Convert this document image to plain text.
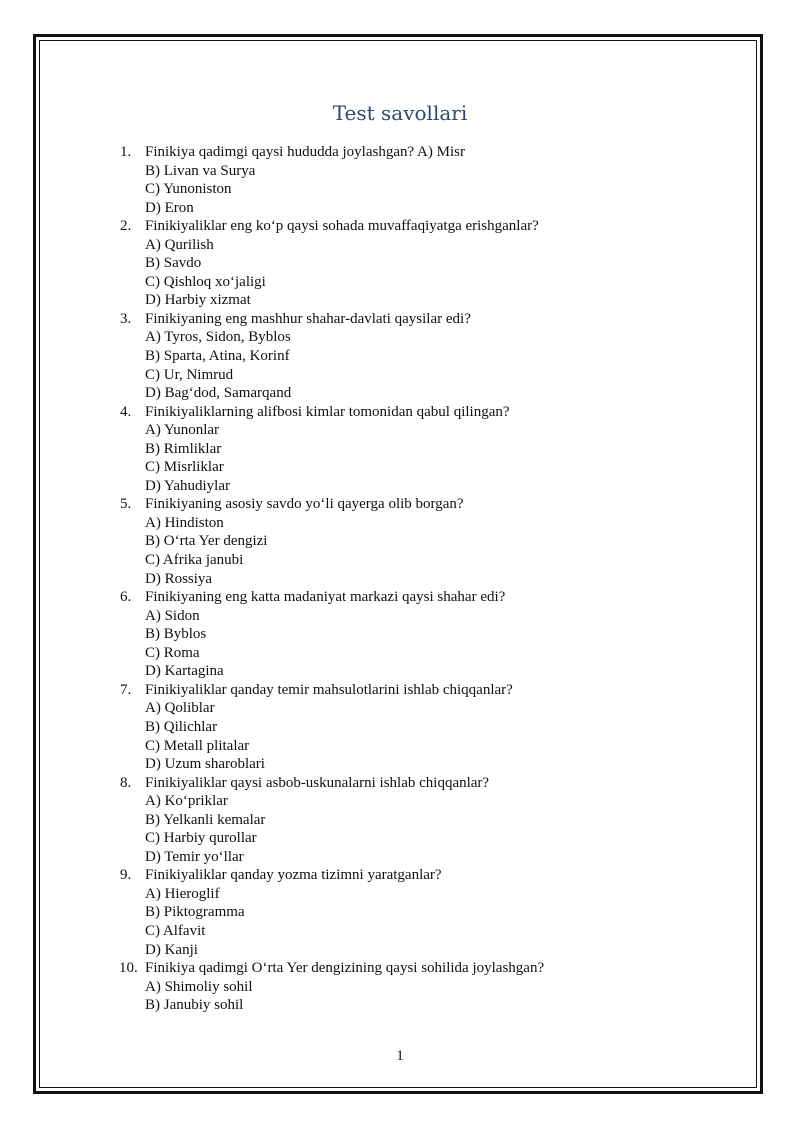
Test savollari
1. Finikiya qadimgi qaysi hududda joylashgan? A) Misr
B) Livan va Surya
C) Yunoniston
D) Eron
2. Finikiyaliklar eng ko‘p qaysi sohada muvaffaqiyatga erishganlar?
A) Qurilish
B) Savdo
C) Qishloq xo‘jaligi
D) Harbiy xizmat
3. Finikiyaning eng mashhur shahar-davlati qaysilar edi?
A) Tyros, Sidon, Byblos
B) Sparta, Atina, Korinf
C) Ur, Nimrud
D) Bag‘dod, Samarqand
4. Finikiyaliklarning alifbosi kimlar tomonidan qabul qilingan?
A) Yunonlar
B) Rimliklar
C) Misrliklar
D) Yahudiylar
5. Finikiyaning asosiy savdo yo‘li qayerga olib borgan?
A) Hindiston
B) O‘rta Yer dengizi
C) Afrika janubi
D) Rossiya
6. Finikiyaning eng katta madaniyat markazi qaysi shahar edi?
A) Sidon
B) Byblos
C) Roma
D) Kartagina
7. Finikiyaliklar qanday temir mahsulotlarini ishlab chiqqanlar?
A) Qoliblar
B) Qilichlar
C) Metall plitalar
D) Uzum sharoblari
8. Finikiyaliklar qaysi asbob-uskunalarni ishlab chiqqanlar?
A) Ko‘priklar
B) Yelkanli kemalar
C) Harbiy qurollar
D) Temir yo‘llar
9. Finikiyaliklar qanday yozma tizimni yaratganlar?
A) Hieroglif
B) Piktogramma
C) Alfavit
D) Kanji
10. Finikiya qadimgi O‘rta Yer dengizining qaysi sohilida joylashgan?
A) Shimoliy sohil
B) Janubiy sohil
1
